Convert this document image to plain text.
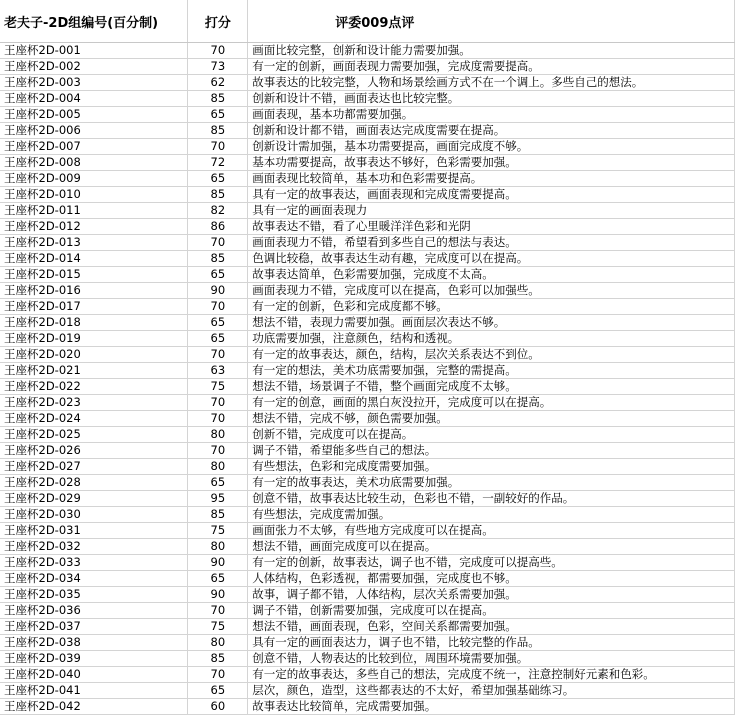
老夫子-2D组编号(百分制)	打分	评委009点评
王座杯2D-001	70	画面比较完整，创新和设计能力需要加强。
王座杯2D-002	73	有一定的创新，画面表现力需要加强，完成度需要提高。
王座杯2D-003	62	故事表达的比较完整，人物和场景绘画方式不在一个调上。多些自己的想法。
王座杯2D-004	85	创新和设计不错，画面表达也比较完整。
王座杯2D-005	65	画面表现，基本功都需要加强。
王座杯2D-006	85	创新和设计都不错，画面表达完成度需要在提高。
王座杯2D-007	70	创新设计需加强，基本功需要提高，画面完成度不够。
王座杯2D-008	72	基本功需要提高，故事表达不够好，色彩需要加强。
王座杯2D-009	65	画面表现比较简单，基本功和色彩需要提高。
王座杯2D-010	85	具有一定的故事表达，画面表现和完成度需要提高。
王座杯2D-011	82	具有一定的画面表现力
王座杯2D-012	86	故事表达不错，看了心里暖洋洋色彩和光阴
王座杯2D-013	70	画面表现力不错，希望看到多些自己的想法与表达。
王座杯2D-014	85	色调比较稳，故事表达生动有趣，完成度可以在提高。
王座杯2D-015	65	故事表达简单，色彩需要加强，完成度不太高。
王座杯2D-016	90	画面表现力不错，完成度可以在提高，色彩可以加强些。
王座杯2D-017	70	有一定的创新，色彩和完成度都不够。
王座杯2D-018	65	想法不错，表现力需要加强。画面层次表达不够。
王座杯2D-019	65	功底需要加强，注意颜色，结构和透视。
王座杯2D-020	70	有一定的故事表达，颜色，结构，层次关系表达不到位。
王座杯2D-021	63	有一定的想法，美术功底需要加强，完整的需提高。
王座杯2D-022	75	想法不错，场景调子不错，整个画面完成度不太够。
王座杯2D-023	70	有一定的创意，画面的黑白灰没拉开，完成度可以在提高。
王座杯2D-024	70	想法不错，完成不够，颜色需要加强。
王座杯2D-025	80	创新不错，完成度可以在提高。
王座杯2D-026	70	调子不错，希望能多些自己的想法。
王座杯2D-027	80	有些想法，色彩和完成度需要加强。
王座杯2D-028	65	有一定的故事表达，美术功底需要加强。
王座杯2D-029	95	创意不错，故事表达比较生动，色彩也不错，一副较好的作品。
王座杯2D-030	85	有些想法，完成度需加强。
王座杯2D-031	75	画面张力不太够，有些地方完成度可以在提高。
王座杯2D-032	80	想法不错，画面完成度可以在提高。
王座杯2D-033	90	有一定的创新，故事表达，调子也不错，完成度可以提高些。
王座杯2D-034	65	人体结构，色彩透视，都需要加强，完成度也不够。
王座杯2D-035	90	故事，调子都不错，人体结构，层次关系需要加强。
王座杯2D-036	70	调子不错，创新需要加强，完成度可以在提高。
王座杯2D-037	75	想法不错，画面表现，色彩，空间关系都需要加强。
王座杯2D-038	80	具有一定的画面表达力，调子也不错，比较完整的作品。
王座杯2D-039	85	创意不错，人物表达的比较到位，周围环境需要加强。
王座杯2D-040	70	有一定的故事表达，多些自己的想法，完成度不统一，注意控制好元素和色彩。
王座杯2D-041	65	层次，颜色，造型，这些都表达的不太好，希望加强基础练习。
王座杯2D-042	60	故事表达比较简单，完成需要加强。
